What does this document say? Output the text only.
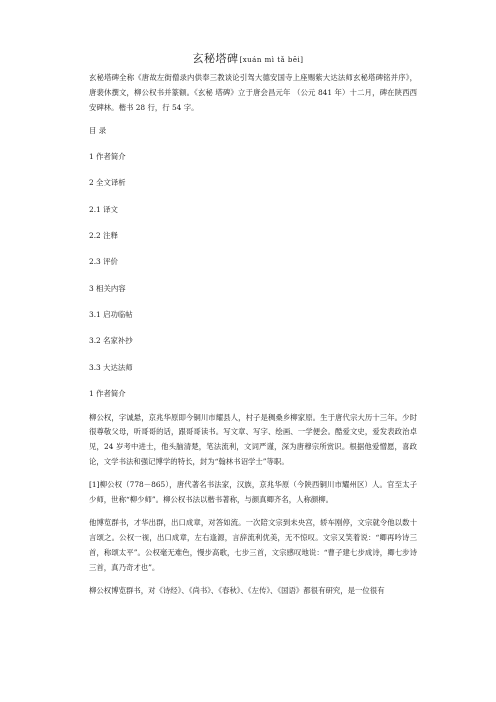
玄秘塔碑[xuán mì tǎ bēi]

玄秘塔碑全称《唐故左街僧录内供奉三教谈论引驾大德安国寺上座赐紫大达法师玄秘塔碑铭并序》，唐裴休撰文，柳公权书并篆额。《玄秘 塔碑》立于唐会昌元年 （公元 841 年）十二月，碑在陕西西安碑林。楷书 28 行，行 54 字。

目 录

1 作者简介

2 全文译析

2.1 译文

2.2 注释

2.3 评价

3 相关内容

3.1 启功临帖

3.2 名家补抄

3.3 大达法师

1 作者简介

柳公权，字诚悬，京兆华原即今铜川市耀县人，村子是稠桑乡柳家原。生于唐代宗大历十三年。少时很尊敬父母，听哥哥的话，跟哥哥读书。写文章、写字、绘画、一学便会。酷爱文史，爱发表政治卓见，24 岁考中进士，他头脑清楚，笔法流利，文词严谨，深为唐穆宗所赏识。根据他爱憎愿，喜政论，文学书法和强记博学的特长，封为“翰林书诏学士”等职。

[1]柳公权（778－865），唐代著名书法家，汉族，京兆华原（今陕西铜川市耀州区）人。官至太子少师，世称“柳少师”。柳公权书法以楷书著称，与颜真卿齐名，人称颜柳。

他博览群书，才华出群，出口成章，对答如流。一次陪文宗到未央宫，轿车刚停，文宗就令他以数十言颂之。公权一视，出口成章，左右逢源，言辞流利优美，无不惊叹。文宗又笑着说：“卿再吟诗三首，称颂太平”。公权毫无难色，慢步高歌，七步三首，文宗感叹地说：“曹子建七步成诗，卿七步诗三首，真乃奇才也”。

柳公权博览群书，对《诗经》、《尚书》、《春秋》、《左传》、《国语》都很有研究，是一位很有
